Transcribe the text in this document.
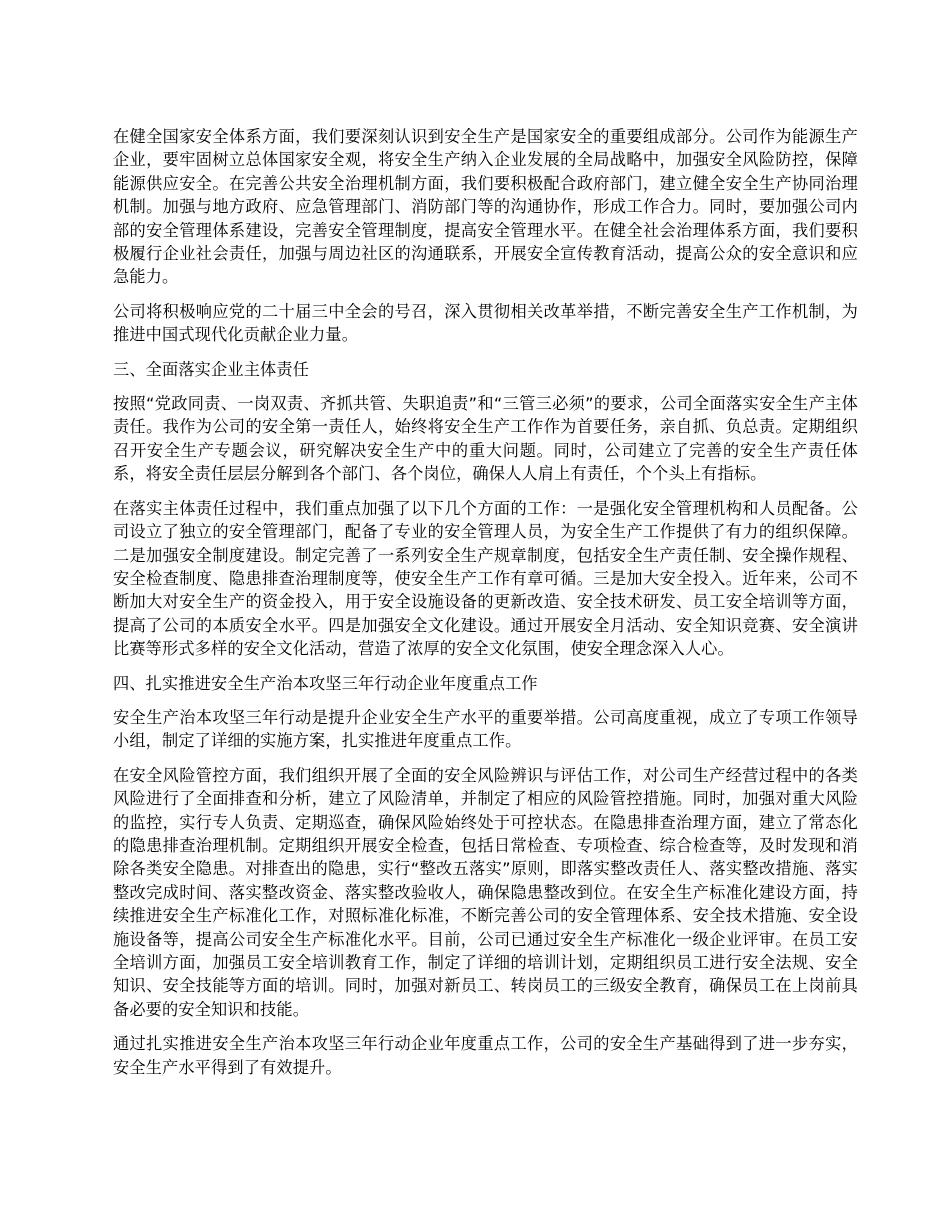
在健全国家安全体系方面，我们要深刻认识到安全生产是国家安全的重要组成部分。公司作为能源生产企业，要牢固树立总体国家安全观，将安全生产纳入企业发展的全局战略中，加强安全风险防控，保障能源供应安全。在完善公共安全治理机制方面，我们要积极配合政府部门，建立健全安全生产协同治理机制。加强与地方政府、应急管理部门、消防部门等的沟通协作，形成工作合力。同时，要加强公司内部的安全管理体系建设，完善安全管理制度，提高安全管理水平。在健全社会治理体系方面，我们要积极履行企业社会责任，加强与周边社区的沟通联系，开展安全宣传教育活动，提高公众的安全意识和应急能力。

公司将积极响应党的二十届三中全会的号召，深入贯彻相关改革举措，不断完善安全生产工作机制，为推进中国式现代化贡献企业力量。

三、全面落实企业主体责任

按照“党政同责、一岗双责、齐抓共管、失职追责”和“三管三必须”的要求，公司全面落实安全生产主体责任。我作为公司的安全第一责任人，始终将安全生产工作作为首要任务，亲自抓、负总责。定期组织召开安全生产专题会议，研究解决安全生产中的重大问题。同时，公司建立了完善的安全生产责任体系，将安全责任层层分解到各个部门、各个岗位，确保人人肩上有责任，个个头上有指标。

在落实主体责任过程中，我们重点加强了以下几个方面的工作：一是强化安全管理机构和人员配备。公司设立了独立的安全管理部门，配备了专业的安全管理人员，为安全生产工作提供了有力的组织保障。二是加强安全制度建设。制定完善了一系列安全生产规章制度，包括安全生产责任制、安全操作规程、安全检查制度、隐患排查治理制度等，使安全生产工作有章可循。三是加大安全投入。近年来，公司不断加大对安全生产的资金投入，用于安全设施设备的更新改造、安全技术研发、员工安全培训等方面，提高了公司的本质安全水平。四是加强安全文化建设。通过开展安全月活动、安全知识竞赛、安全演讲比赛等形式多样的安全文化活动，营造了浓厚的安全文化氛围，使安全理念深入人心。

四、扎实推进安全生产治本攻坚三年行动企业年度重点工作

安全生产治本攻坚三年行动是提升企业安全生产水平的重要举措。公司高度重视，成立了专项工作领导小组，制定了详细的实施方案，扎实推进年度重点工作。

在安全风险管控方面，我们组织开展了全面的安全风险辨识与评估工作，对公司生产经营过程中的各类风险进行了全面排查和分析，建立了风险清单，并制定了相应的风险管控措施。同时，加强对重大风险的监控，实行专人负责、定期巡查，确保风险始终处于可控状态。在隐患排查治理方面，建立了常态化的隐患排查治理机制。定期组织开展安全检查，包括日常检查、专项检查、综合检查等，及时发现和消除各类安全隐患。对排查出的隐患，实行“整改五落实”原则，即落实整改责任人、落实整改措施、落实整改完成时间、落实整改资金、落实整改验收人，确保隐患整改到位。在安全生产标准化建设方面，持续推进安全生产标准化工作，对照标准化标准，不断完善公司的安全管理体系、安全技术措施、安全设施设备等，提高公司安全生产标准化水平。目前，公司已通过安全生产标准化一级企业评审。在员工安全培训方面，加强员工安全培训教育工作，制定了详细的培训计划，定期组织员工进行安全法规、安全知识、安全技能等方面的培训。同时，加强对新员工、转岗员工的三级安全教育，确保员工在上岗前具备必要的安全知识和技能。

通过扎实推进安全生产治本攻坚三年行动企业年度重点工作，公司的安全生产基础得到了进一步夯实，安全生产水平得到了有效提升。
